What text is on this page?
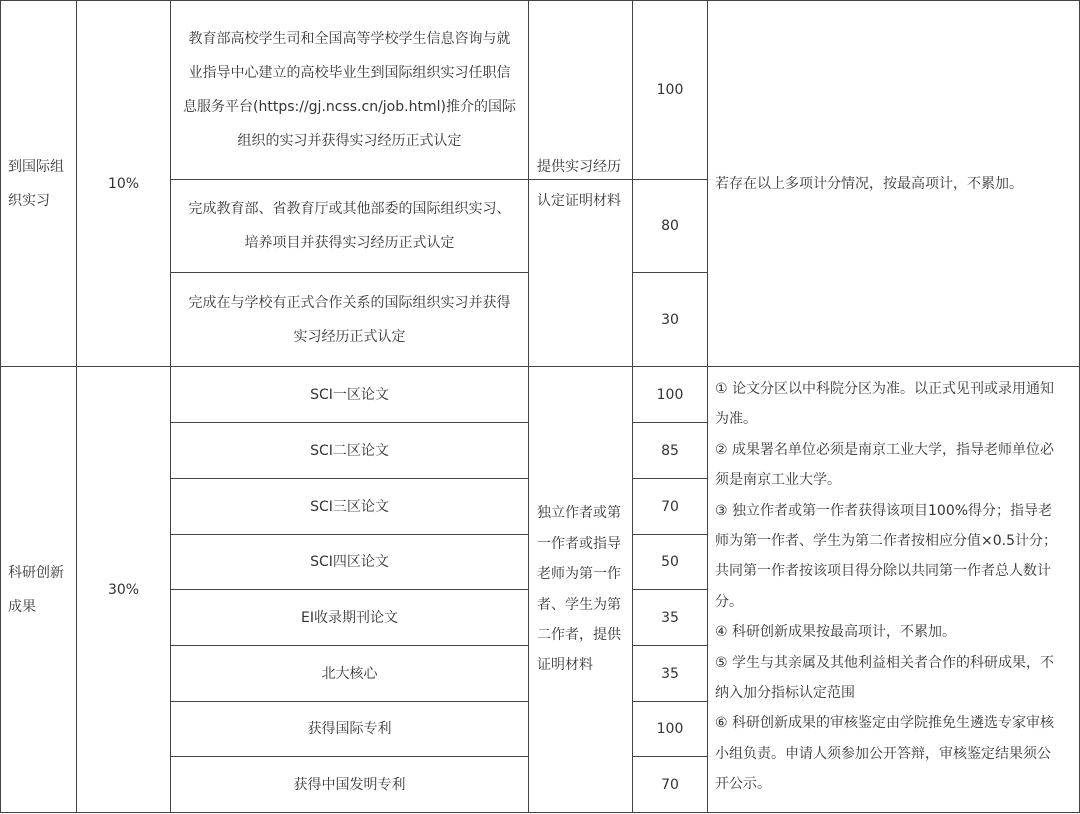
到国际组
织实习
10%
教育部高校学生司和全国高等学校学生信息咨询与就
业指导中心建立的高校毕业生到国际组织实习任职信
息服务平台(https://gj.ncss.cn/job.html)推介的国际
组织的实习并获得实习经历正式认定
完成教育部、省教育厅或其他部委的国际组织实习、
培养项目并获得实习经历正式认定
完成在与学校有正式合作关系的国际组织实习并获得
实习经历正式认定
提供实习经历
认定证明材料
100
80
30
若存在以上多项计分情况，按最高项计，不累加。
科研创新
成果
30%
SCI一区论文
SCI二区论文
SCI三区论文
SCI四区论文
EI收录期刊论文
北大核心
获得国际专利
获得中国发明专利
独立作者或第
一作者或指导
老师为第一作
者、学生为第
二作者，提供
证明材料
100
85
70
50
35
35
100
70
① 论文分区以中科院分区为准。以正式见刊或录用通知
为准。
② 成果署名单位必须是南京工业大学，指导老师单位必
须是南京工业大学。
③ 独立作者或第一作者获得该项目100%得分；指导老
师为第一作者、学生为第二作者按相应分值×0.5计分；
共同第一作者按该项目得分除以共同第一作者总人数计
分。
④ 科研创新成果按最高项计，不累加。
⑤ 学生与其亲属及其他利益相关者合作的科研成果，不
纳入加分指标认定范围
⑥ 科研创新成果的审核鉴定由学院推免生遴选专家审核
小组负责。申请人须参加公开答辩，审核鉴定结果须公
开公示。
